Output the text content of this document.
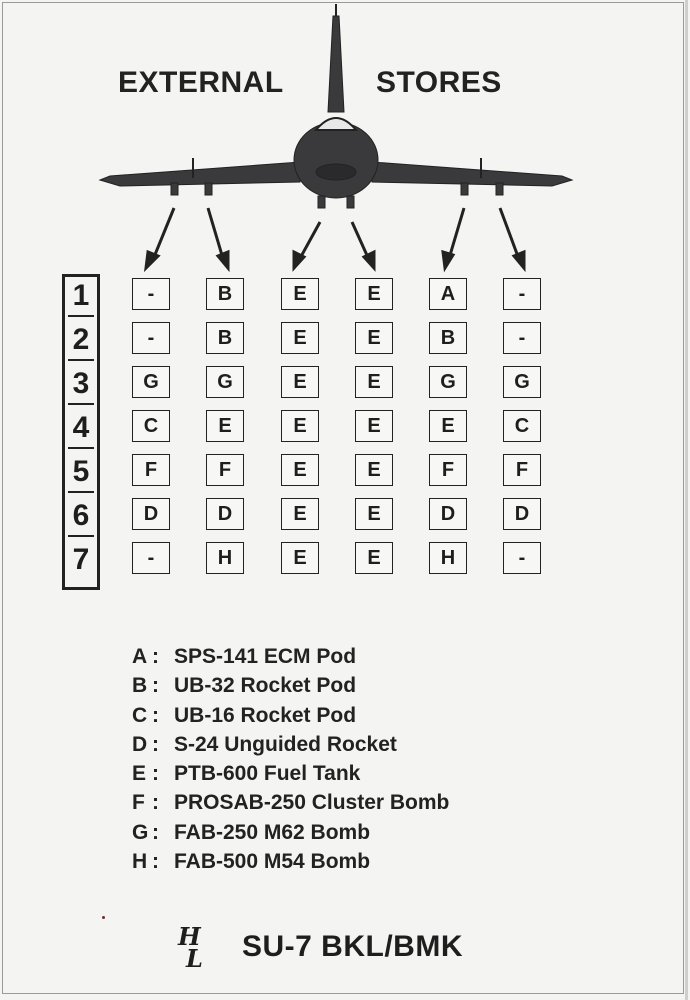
EXTERNAL	STORES
1
2
3
4
5
6
7
-
-
G
C
F
D
-
B
B
G
E
F
D
H
E
E
E
E
E
E
E
E
E
E
E
E
E
E
A
B
G
E
F
D
H
-
-
G
C
F
D
-
A : SPS-141 ECM Pod
B : UB-32 Rocket Pod
C : UB-16 Rocket Pod
D : S-24 Unguided Rocket
E : PTB-600 Fuel Tank
F : PROSAB-250 Cluster Bomb
G : FAB-250 M62 Bomb
H : FAB-500 M54 Bomb
H
L SU-7 BKL/BMK
